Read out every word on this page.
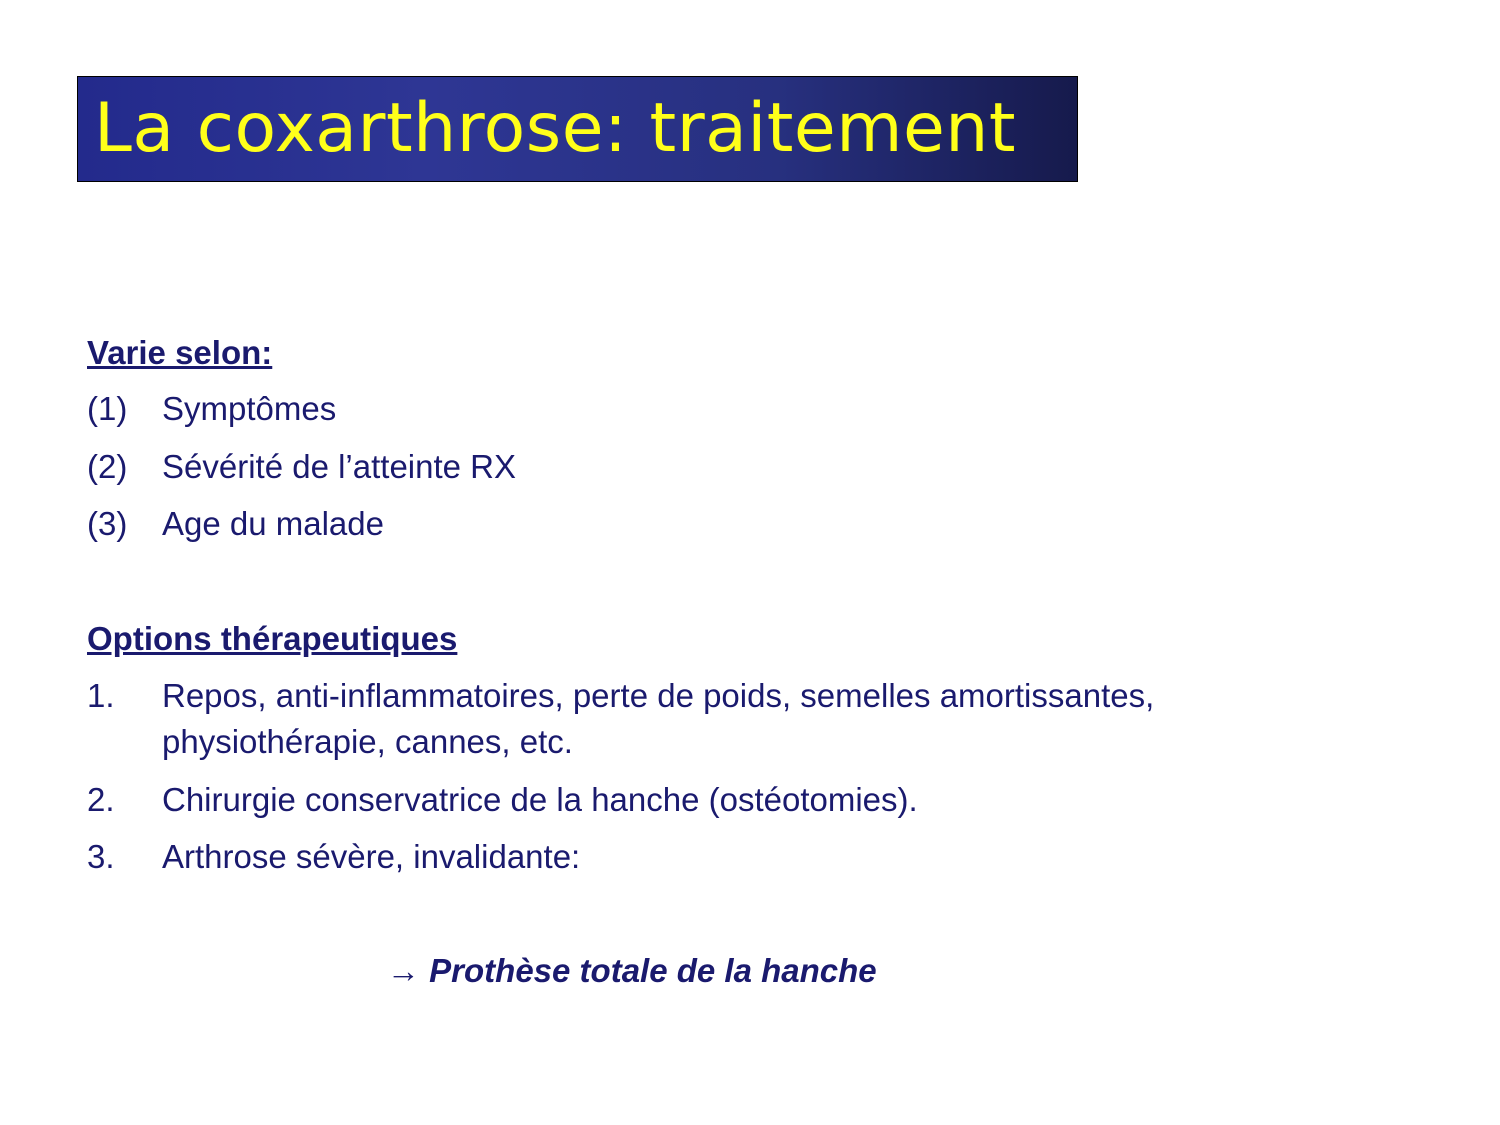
La coxarthrose: traitement
Varie selon:
(1) Symptômes
(2) Sévérité de l’atteinte RX
(3) Age du malade
Options thérapeutiques
1. Repos, anti-inflammatoires, perte de poids, semelles amortissantes, physiothérapie, cannes, etc.
2. Chirurgie conservatrice de la hanche (ostéotomies).
3. Arthrose sévère, invalidante:
→ Prothèse totale de la hanche
